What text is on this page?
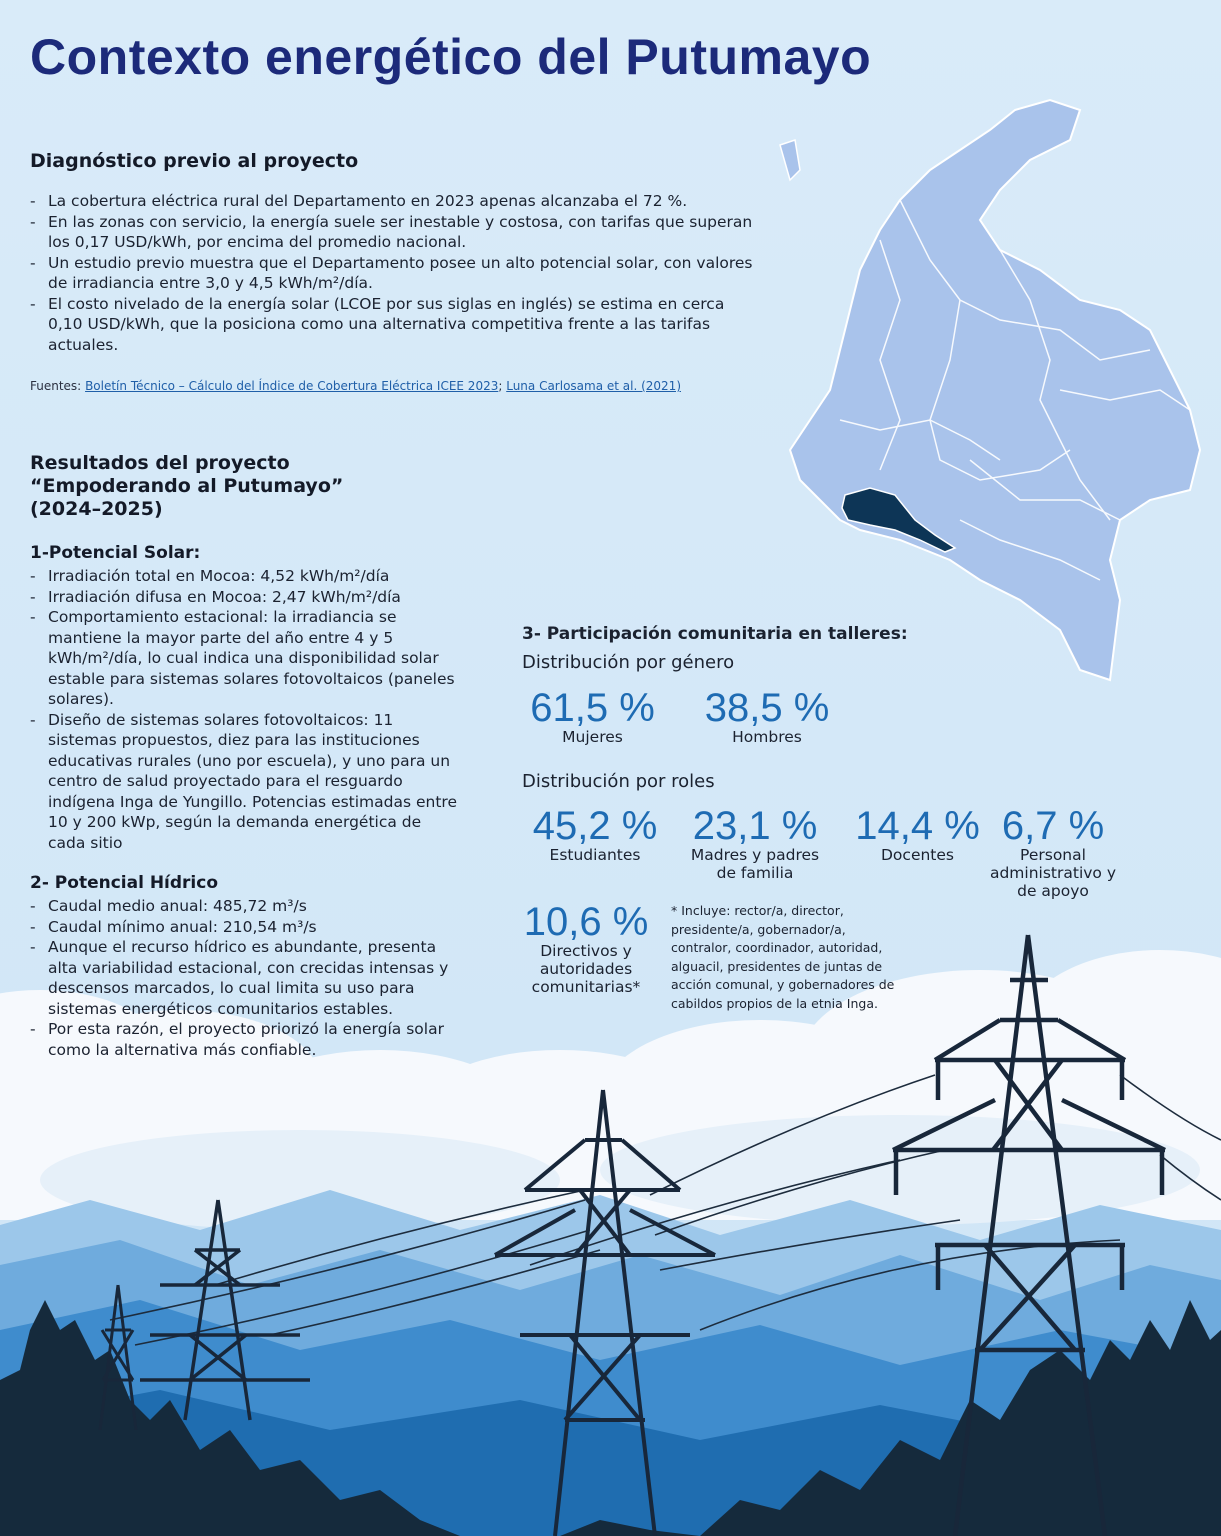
Contexto energético del Putumayo
Diagnóstico previo al proyecto
- La cobertura eléctrica rural del Departamento en 2023 apenas alcanzaba el 72 %.
- En las zonas con servicio, la energía suele ser inestable y costosa, con tarifas que superan los 0,17 USD/kWh, por encima del promedio nacional.
- Un estudio previo muestra que el Departamento posee un alto potencial solar, con valores de irradiancia entre 3,0 y 4,5 kWh/m²/día.
- El costo nivelado de la energía solar (LCOE por sus siglas en inglés) se estima en cerca 0,10 USD/kWh, que la posiciona como una alternativa competitiva frente a las tarifas actuales.
Fuentes: Boletín Técnico – Cálculo del Índice de Cobertura Eléctrica ICEE 2023; Luna Carlosama et al. (2021)
Resultados del proyecto
“Empoderando al Putumayo”
(2024–2025)
1-Potencial Solar:
- Irradiación total en Mocoa: 4,52 kWh/m²/día
- Irradiación difusa en Mocoa: 2,47 kWh/m²/día
- Comportamiento estacional: la irradiancia se mantiene la mayor parte del año entre 4 y 5 kWh/m²/día, lo cual indica una disponibilidad solar estable para sistemas solares fotovoltaicos (paneles solares).
- Diseño de sistemas solares fotovoltaicos: 11 sistemas propuestos, diez para las instituciones educativas rurales (uno por escuela), y uno para un centro de salud proyectado para el resguardo indígena Inga de Yungillo. Potencias estimadas entre 10 y 200 kWp, según la demanda energética de cada sitio
2- Potencial Hídrico
- Caudal medio anual: 485,72 m³/s
- Caudal mínimo anual: 210,54 m³/s
- Aunque el recurso hídrico es abundante, presenta alta variabilidad estacional, con crecidas intensas y descensos marcados, lo cual limita su uso para sistemas energéticos comunitarios estables.
- Por esta razón, el proyecto priorizó la energía solar como la alternativa más confiable.
3- Participación comunitaria en talleres:
Distribución por género
61,5 %
Mujeres
38,5 %
Hombres
Distribución por roles
45,2 %
Estudiantes
23,1 %
Madres y padres de familia
14,4 %
Docentes
6,7 %
Personal administrativo y de apoyo
10,6 %
Directivos y autoridades comunitarias*
* Incluye: rector/a, director, presidente/a, gobernador/a, contralor, coordinador, autoridad, alguacil, presidentes de juntas de acción comunal, y gobernadores de cabildos propios de la etnia Inga.
